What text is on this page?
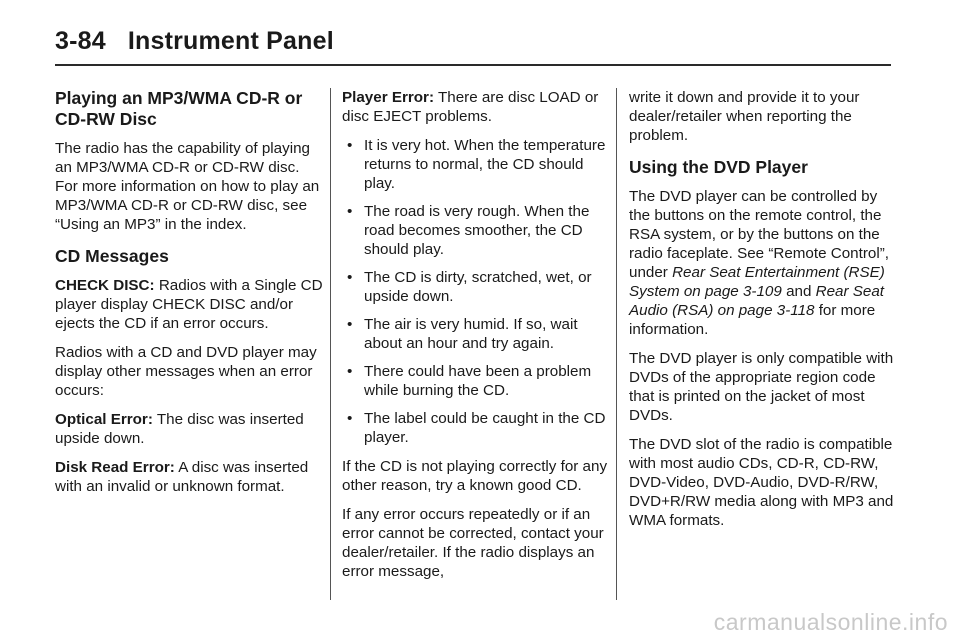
3-84 Instrument Panel
Playing an MP3/WMA CD-R or CD-RW Disc

The radio has the capability of playing an MP3/WMA CD-R or CD-RW disc. For more information on how to play an MP3/WMA CD-R or CD-RW disc, see “Using an MP3” in the index.

CD Messages

CHECK DISC: Radios with a Single CD player display CHECK DISC and/or ejects the CD if an error occurs.

Radios with a CD and DVD player may display other messages when an error occurs:

Optical Error: The disc was inserted upside down.

Disk Read Error: A disc was inserted with an invalid or unknown format.

Player Error: There are disc LOAD or disc EJECT problems.

• It is very hot. When the temperature returns to normal, the CD should play.
• The road is very rough. When the road becomes smoother, the CD should play.
• The CD is dirty, scratched, wet, or upside down.
• The air is very humid. If so, wait about an hour and try again.
• There could have been a problem while burning the CD.
• The label could be caught in the CD player.

If the CD is not playing correctly for any other reason, try a known good CD.

If any error occurs repeatedly or if an error cannot be corrected, contact your dealer/retailer. If the radio displays an error message,

write it down and provide it to your dealer/retailer when reporting the problem.

Using the DVD Player

The DVD player can be controlled by the buttons on the remote control, the RSA system, or by the buttons on the radio faceplate. See “Remote Control”, under Rear Seat Entertainment (RSE) System on page 3-109 and Rear Seat Audio (RSA) on page 3-118 for more information.

The DVD player is only compatible with DVDs of the appropriate region code that is printed on the jacket of most DVDs.

The DVD slot of the radio is compatible with most audio CDs, CD-R, CD-RW, DVD-Video, DVD-Audio, DVD-R/RW, DVD+R/RW media along with MP3 and WMA formats.

carmanualsonline.info
